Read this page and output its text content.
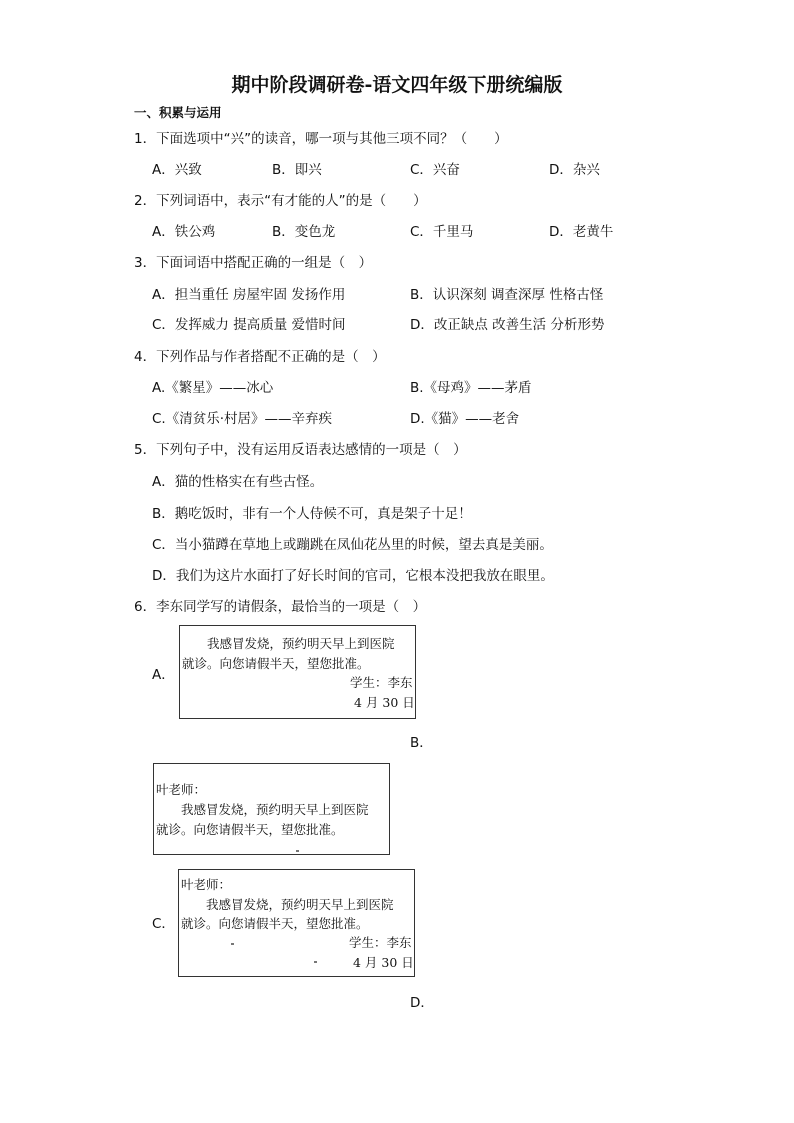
期中阶段调研卷-语文四年级下册统编版
一、积累与运用
1．下面选项中“兴”的读音，哪一项与其他三项不同？（　　）
A．兴致	B．即兴	C．兴奋	D．杂兴
2．下列词语中，表示“有才能的人”的是（　　）
A．铁公鸡	B．变色龙	C．千里马	D．老黄牛
3．下面词语中搭配正确的一组是（　）
A．担当重任 房屋牢固 发扬作用	B．认识深刻 调查深厚 性格古怪
C．发挥威力 提高质量 爱惜时间	D．改正缺点 改善生活 分析形势
4．下列作品与作者搭配不正确的是（　）
A.《繁星》——冰心	B.《母鸡》——茅盾
C.《清贫乐·村居》——辛弃疾	D.《猫》——老舍
5．下列句子中，没有运用反语表达感情的一项是（　）
A．猫的性格实在有些古怪。
B．鹅吃饭时，非有一个人侍候不可，真是架子十足！
C．当小猫蹲在草地上或蹦跳在凤仙花丛里的时候，望去真是美丽。
D．我们为这片水面打了好长时间的官司，它根本没把我放在眼里。
6．李东同学写的请假条，最恰当的一项是（　）
A．
我感冒发烧，预约明天早上到医院
就诊。向您请假半天，望您批准。
学生：李东
4 月 30 日
B．
叶老师：
我感冒发烧，预约明天早上到医院
就诊。向您请假半天，望您批准。
C．
叶老师：
我感冒发烧，预约明天早上到医院
就诊。向您请假半天，望您批准。
学生：李东
4 月 30 日
D．
